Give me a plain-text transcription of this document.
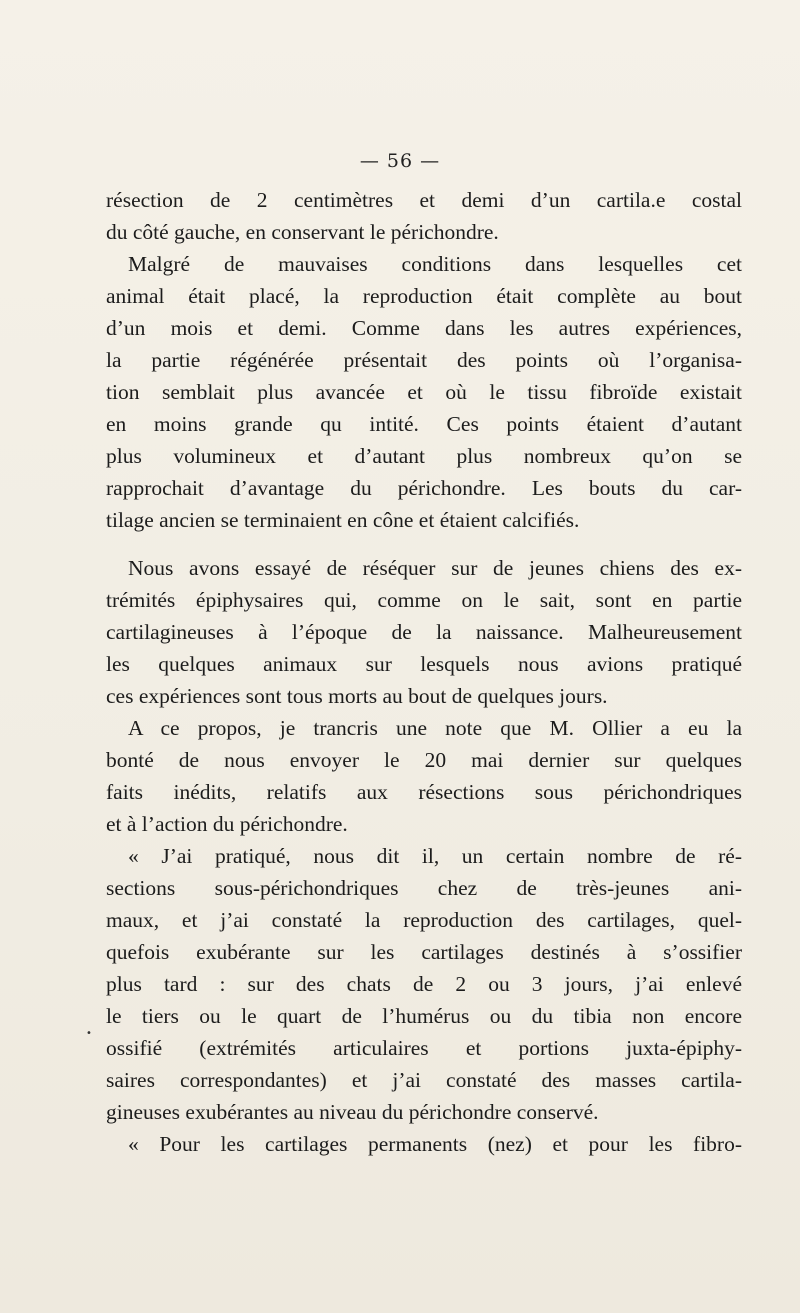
— 56 —
•
résection de 2 centimètres et demi d’un cartila.e costal
du côté gauche, en conservant le périchondre.
Malgré de mauvaises conditions dans lesquelles cet
animal était placé, la reproduction était complète au bout
d’un mois et demi. Comme dans les autres expériences,
la partie régénérée présentait des points où l’organisa-
tion semblait plus avancée et où le tissu fibroïde existait
en moins grande qu intité. Ces points étaient d’autant
plus volumineux et d’autant plus nombreux qu’on se
rapprochait d’avantage du périchondre. Les bouts du car-
tilage ancien se terminaient en cône et étaient calcifiés.
Nous avons essayé de réséquer sur de jeunes chiens des ex-
trémités épiphysaires qui, comme on le sait, sont en partie
cartilagineuses à l’époque de la naissance. Malheureusement
les quelques animaux sur lesquels nous avions pratiqué
ces expériences sont tous morts au bout de quelques jours.
A ce propos, je trancris une note que M. Ollier a eu la
bonté de nous envoyer le 20 mai dernier sur quelques
faits inédits, relatifs aux résections sous périchondriques
et à l’action du périchondre.
« J’ai pratiqué, nous dit il, un certain nombre de ré-
sections sous-périchondriques chez de très-jeunes ani-
maux, et j’ai constaté la reproduction des cartilages, quel-
quefois exubérante sur les cartilages destinés à s’ossifier
plus tard : sur des chats de 2 ou 3 jours, j’ai enlevé
le tiers ou le quart de l’humérus ou du tibia non encore
ossifié (extrémités articulaires et portions juxta-épiphy-
saires correspondantes) et j’ai constaté des masses cartila-
gineuses exubérantes au niveau du périchondre conservé.
« Pour les cartilages permanents (nez) et pour les fibro-
